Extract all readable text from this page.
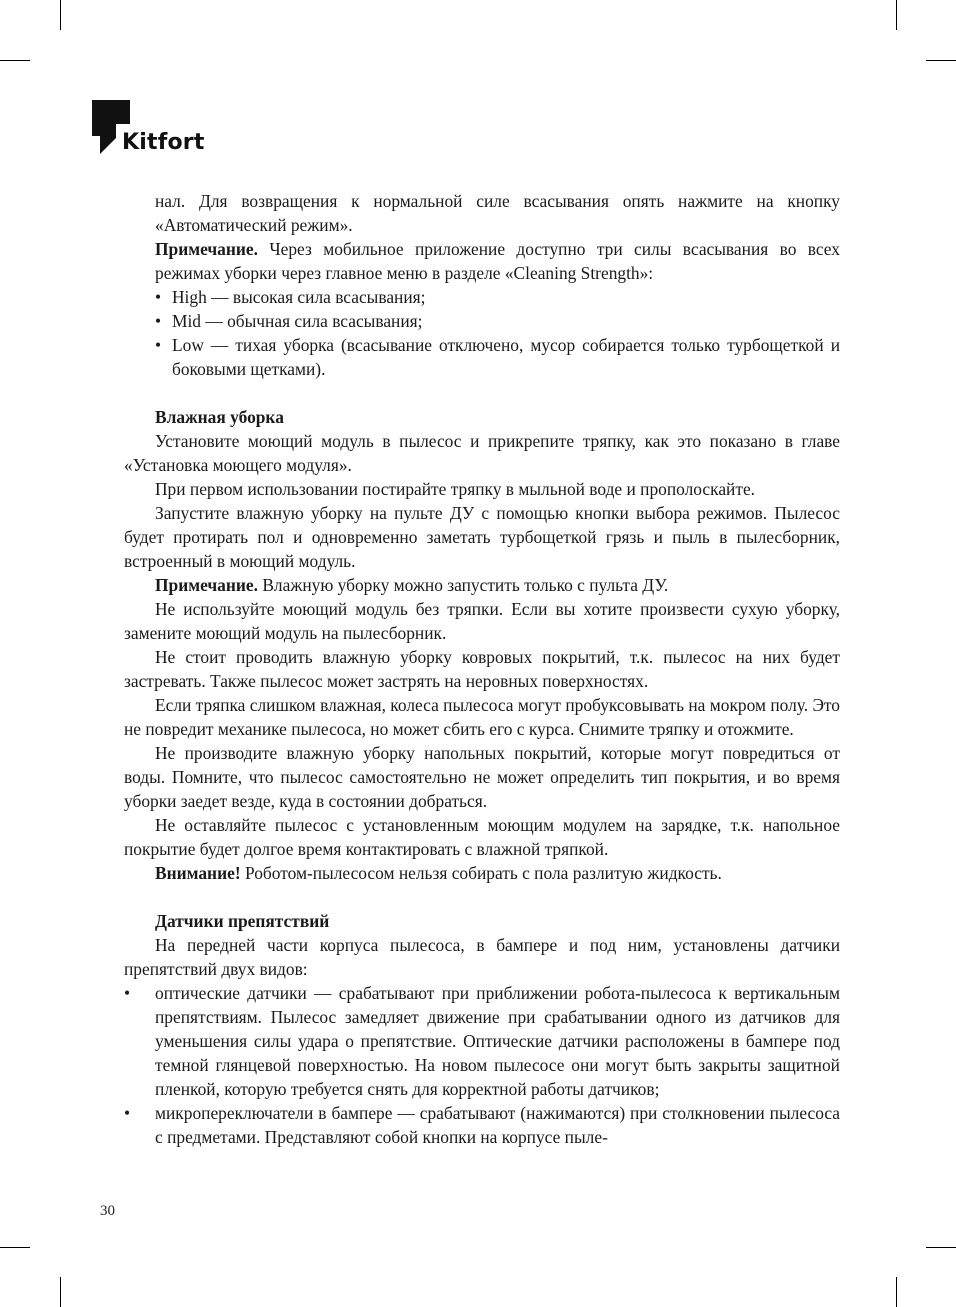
Kitfort

нал. Для возвращения к нормальной силе всасывания опять нажмите на кнопку «Автоматический режим».

Примечание. Через мобильное приложение доступно три силы всасывания во всех режимах уборки через главное меню в разделе «Cleaning Strength»:

• High — высокая сила всасывания;

• Mid — обычная сила всасывания;

• Low — тихая уборка (всасывание отключено, мусор собирается только турбощеткой и боковыми щетками).

Влажная уборка

Установите моющий модуль в пылесос и прикрепите тряпку, как это показано в главе «Установка моющего модуля».

При первом использовании постирайте тряпку в мыльной воде и прополоскайте.

Запустите влажную уборку на пульте ДУ с помощью кнопки выбора режимов. Пылесос будет протирать пол и одновременно заметать турбощеткой грязь и пыль в пылесборник, встроенный в моющий модуль.

Примечание. Влажную уборку можно запустить только с пульта ДУ.

Не используйте моющий модуль без тряпки. Если вы хотите произвести сухую уборку, замените моющий модуль на пылесборник.

Не стоит проводить влажную уборку ковровых покрытий, т.к. пылесос на них будет застревать. Также пылесос может застрять на неровных поверхностях.

Если тряпка слишком влажная, колеса пылесоса могут пробуксовывать на мокром полу. Это не повредит механике пылесоса, но может сбить его с курса. Снимите тряпку и отожмите.

Не производите влажную уборку напольных покрытий, которые могут повредиться от воды. Помните, что пылесос самостоятельно не может определить тип покрытия, и во время уборки заедет везде, куда в состоянии добраться.

Не оставляйте пылесос с установленным моющим модулем на зарядке, т.к. напольное покрытие будет долгое время контактировать с влажной тряпкой.

Внимание! Роботом-пылесосом нельзя собирать с пола разлитую жидкость.

Датчики препятствий

На передней части корпуса пылесоса, в бампере и под ним, установлены датчики препятствий двух видов:

• оптические датчики — срабатывают при приближении робота-пылесоса к вертикальным препятствиям. Пылесос замедляет движение при срабатывании одного из датчиков для уменьшения силы удара о препятствие. Оптические датчики расположены в бампере под темной глянцевой поверхностью. На новом пылесосе они могут быть закрыты защитной пленкой, которую требуется снять для корректной работы датчиков;

• микропереключатели в бампере — срабатывают (нажимаются) при столкновении пылесоса с предметами. Представляют собой кнопки на корпусе пыле-

30
